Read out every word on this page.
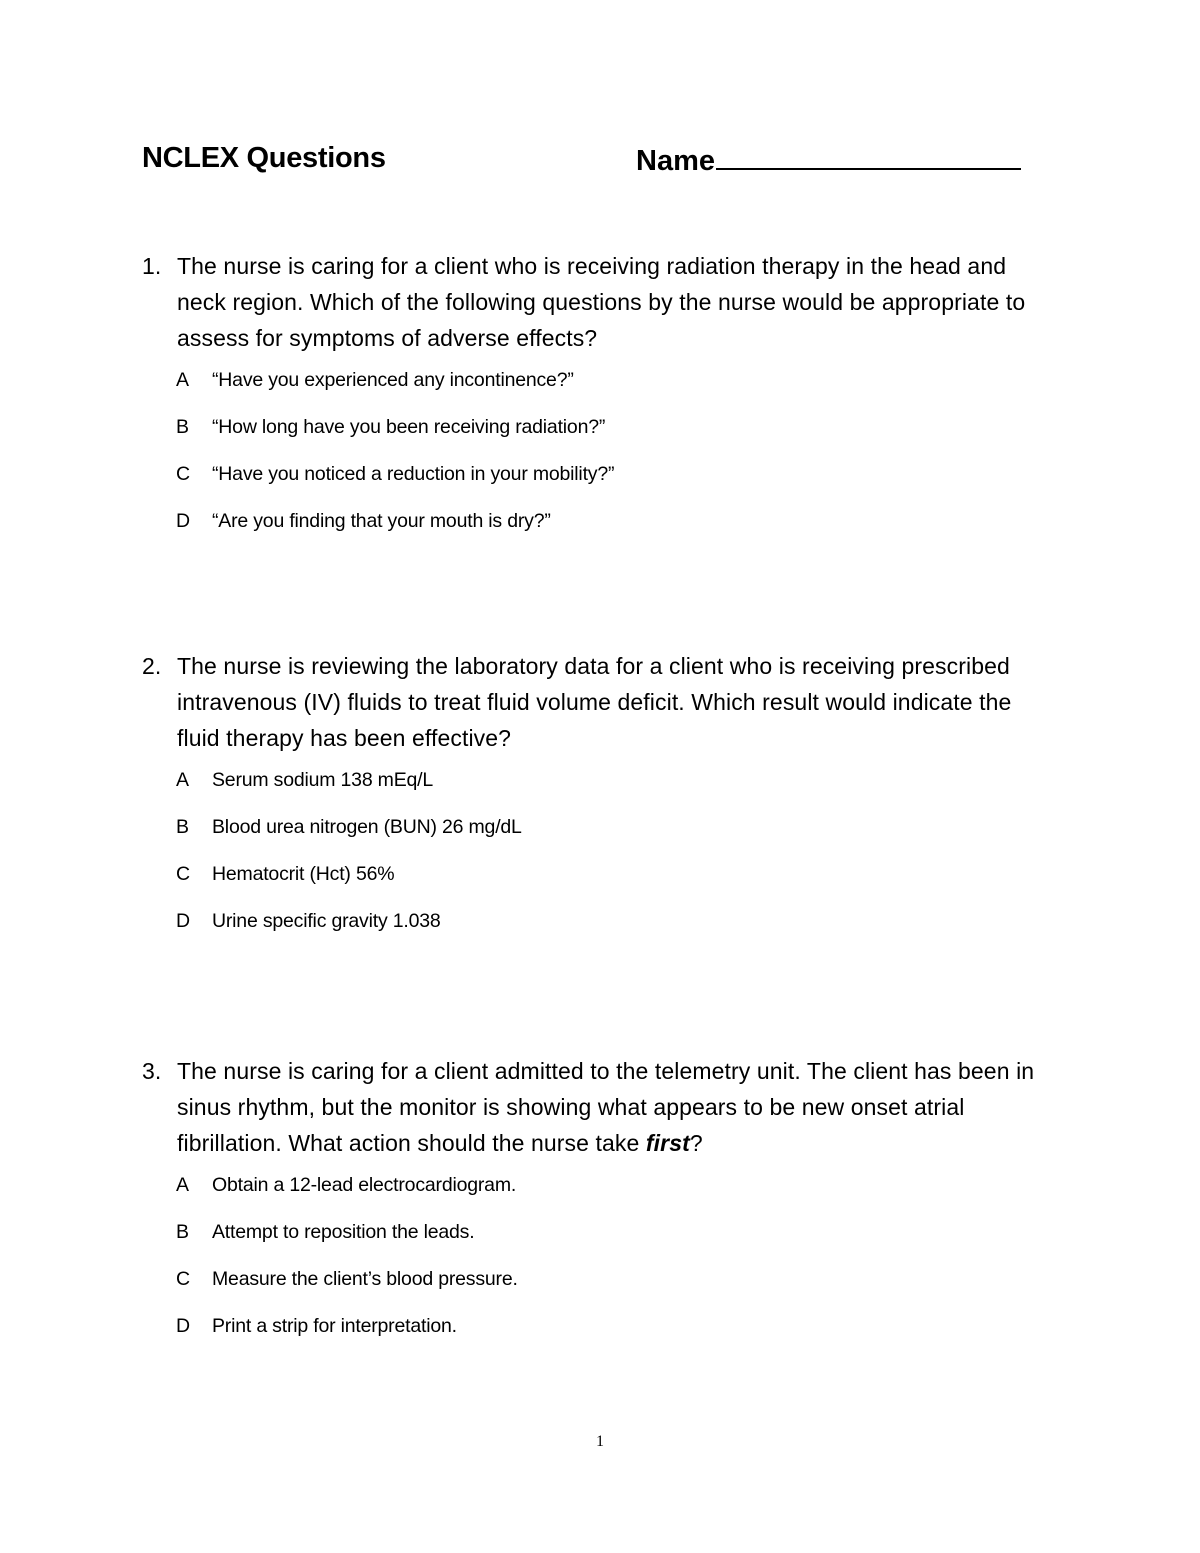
NCLEX Questions	Name
1. The nurse is caring for a client who is receiving radiation therapy in the head and neck region. Which of the following questions by the nurse would be appropriate to assess for symptoms of adverse effects?
A “Have you experienced any incontinence?”
B “How long have you been receiving radiation?”
C “Have you noticed a reduction in your mobility?”
D “Are you finding that your mouth is dry?”
2. The nurse is reviewing the laboratory data for a client who is receiving prescribed intravenous (IV) fluids to treat fluid volume deficit. Which result would indicate the fluid therapy has been effective?
A Serum sodium 138 mEq/L
B Blood urea nitrogen (BUN) 26 mg/dL
C Hematocrit (Hct) 56%
D Urine specific gravity 1.038
3. The nurse is caring for a client admitted to the telemetry unit. The client has been in sinus rhythm, but the monitor is showing what appears to be new onset atrial fibrillation. What action should the nurse take first?
A Obtain a 12-lead electrocardiogram.
B Attempt to reposition the leads.
C Measure the client’s blood pressure.
D Print a strip for interpretation.
1
